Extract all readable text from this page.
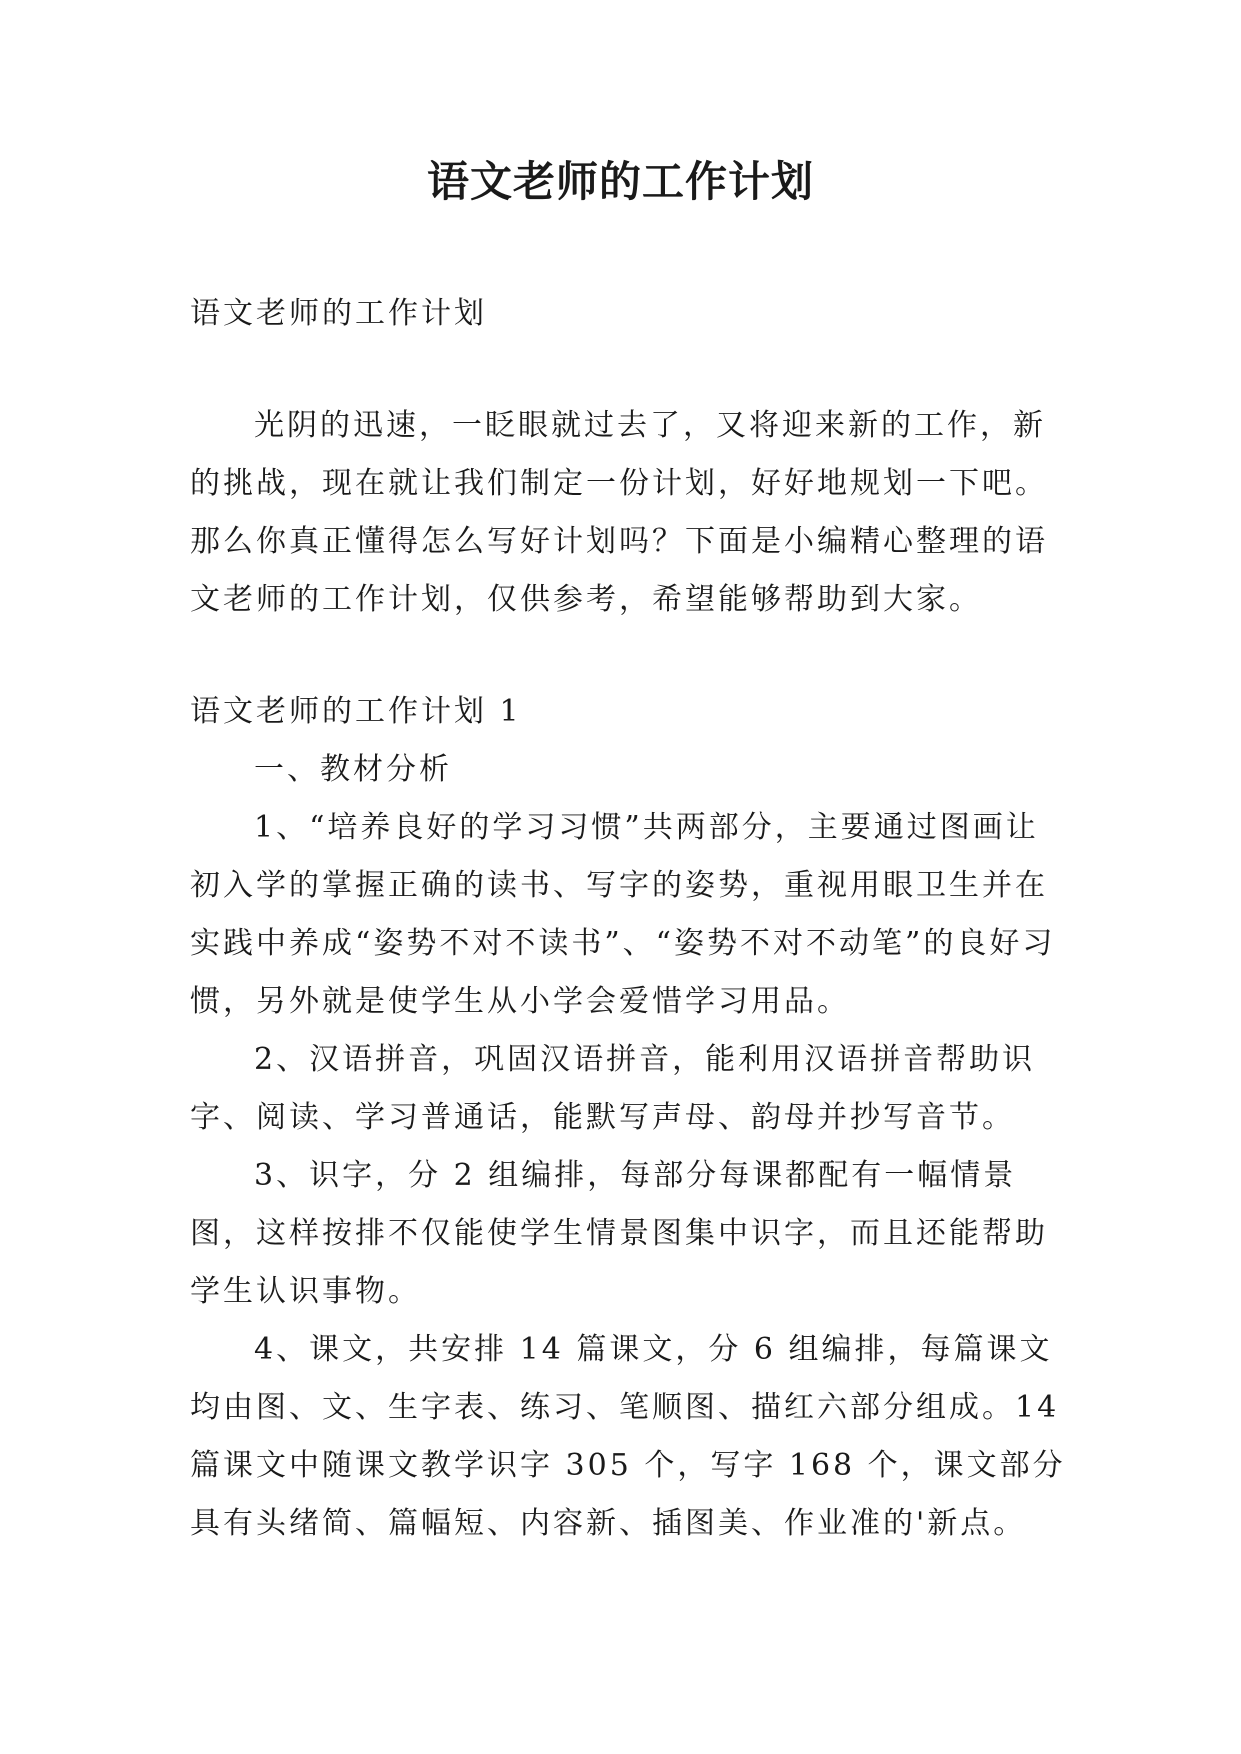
语文老师的工作计划

语文老师的工作计划

光阴的迅速，一眨眼就过去了，又将迎来新的工作，新的挑战，现在就让我们制定一份计划，好好地规划一下吧。那么你真正懂得怎么写好计划吗？下面是小编精心整理的语文老师的工作计划，仅供参考，希望能够帮助到大家。

语文老师的工作计划 1

一、教材分析

1、“培养良好的学习习惯”共两部分，主要通过图画让初入学的掌握正确的读书、写字的姿势，重视用眼卫生并在实践中养成“姿势不对不读书”、“姿势不对不动笔”的良好习惯，另外就是使学生从小学会爱惜学习用品。

2、汉语拼音，巩固汉语拼音，能利用汉语拼音帮助识字、阅读、学习普通话，能默写声母、韵母并抄写音节。

3、识字，分 2 组编排，每部分每课都配有一幅情景图，这样按排不仅能使学生情景图集中识字，而且还能帮助学生认识事物。

4、课文，共安排 14 篇课文，分 6 组编排，每篇课文均由图、文、生字表、练习、笔顺图、描红六部分组成。14 篇课文中随课文教学识字 305 个，写字 168 个，课文部分具有头绪简、篇幅短、内容新、插图美、作业准的'新点。
